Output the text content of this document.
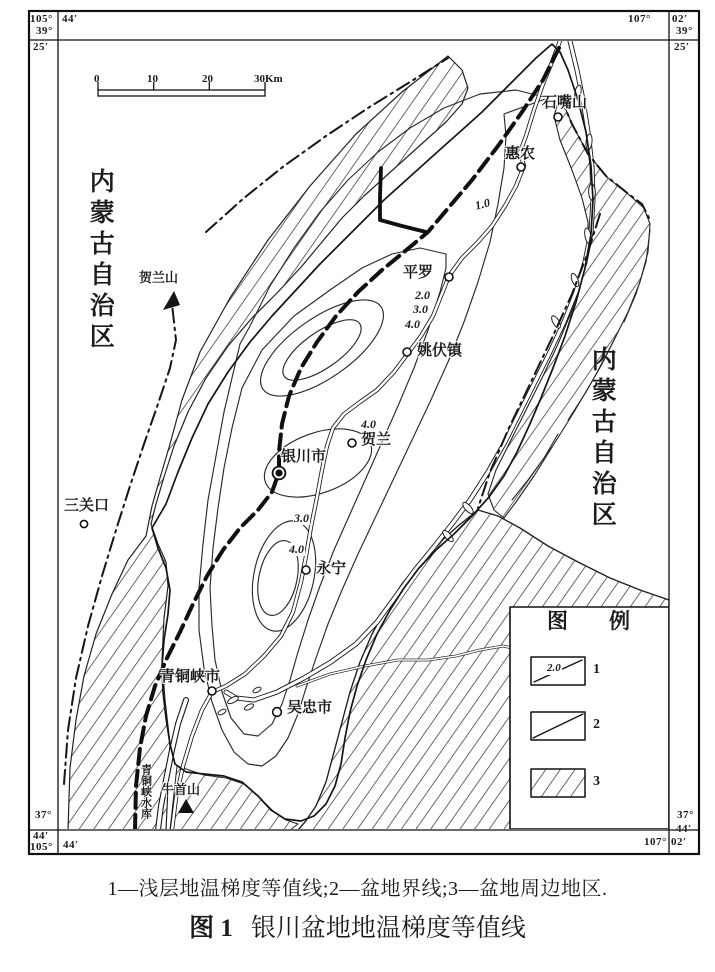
105° 44′
39°
25′
107° 02′
39°
25′
37°
44′
105° 44′
37°
44′
107° 02′
0	10	20	30Km
内蒙古自治区
内蒙古自治区
石嘴山
惠农
平罗
姚伏镇
贺兰
银川市
永宁
青铜峡市
吴忠市
三关口
贺兰山
牛首山
青铜峡水库
1.0
2.0
3.0
4.0
4.0
3.0
4.0
图　例
2.0 1
2
3
1—浅层地温梯度等值线;2—盆地界线;3—盆地周边地区.
图 1 银川盆地地温梯度等值线
